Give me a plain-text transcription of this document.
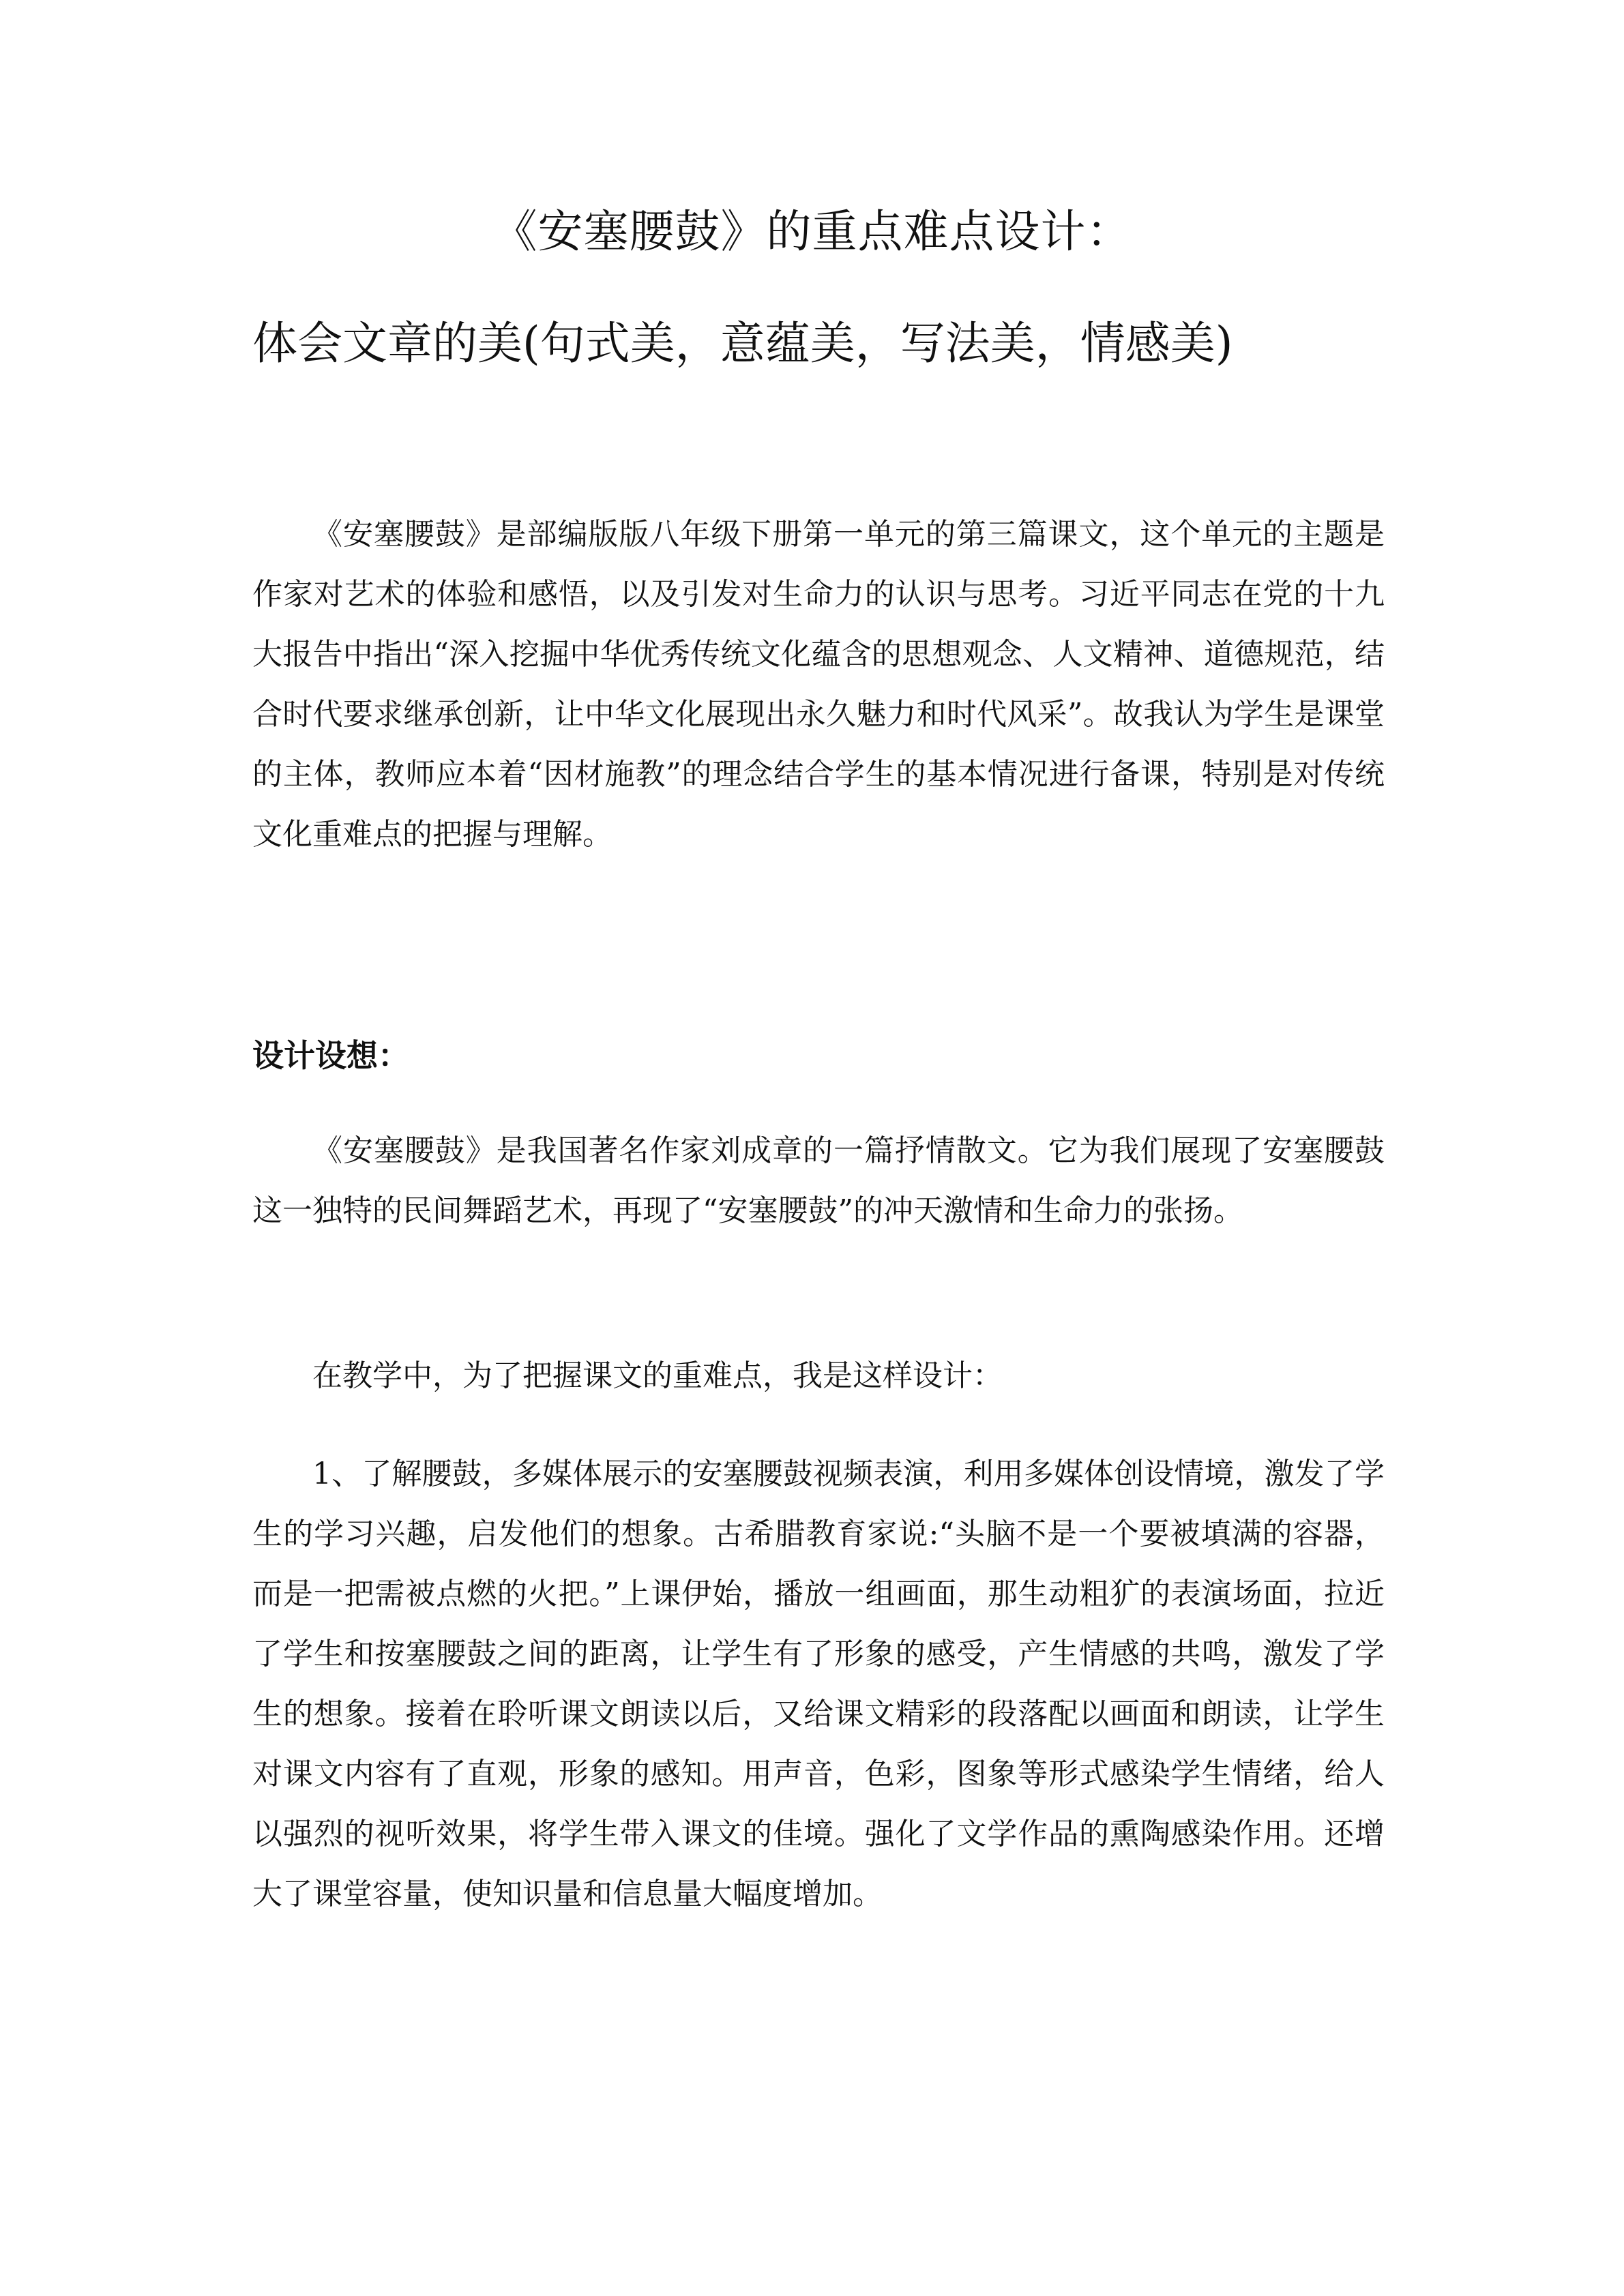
《安塞腰鼓》的重点难点设计：
体会文章的美(句式美，意蕴美，写法美，情感美)

《安塞腰鼓》是部编版版八年级下册第一单元的第三篇课文，这个单元的主题是作家对艺术的体验和感悟，以及引发对生命力的认识与思考。习近平同志在党的十九大报告中指出“深入挖掘中华优秀传统文化蕴含的思想观念、人文精神、道德规范，结合时代要求继承创新，让中华文化展现出永久魅力和时代风采”。故我认为学生是课堂的主体，教师应本着“因材施教”的理念结合学生的基本情况进行备课，特别是对传统文化重难点的把握与理解。

设计设想：

《安塞腰鼓》是我国著名作家刘成章的一篇抒情散文。它为我们展现了安塞腰鼓这一独特的民间舞蹈艺术，再现了“安塞腰鼓”的冲天激情和生命力的张扬。

在教学中，为了把握课文的重难点，我是这样设计：

1、了解腰鼓，多媒体展示的安塞腰鼓视频表演，利用多媒体创设情境，激发了学生的学习兴趣，启发他们的想象。古希腊教育家说:“头脑不是一个要被填满的容器，而是一把需被点燃的火把。”上课伊始，播放一组画面，那生动粗犷的表演场面，拉近了学生和按塞腰鼓之间的距离，让学生有了形象的感受，产生情感的共鸣，激发了学生的想象。接着在聆听课文朗读以后，又给课文精彩的段落配以画面和朗读，让学生对课文内容有了直观，形象的感知。用声音，色彩，图象等形式感染学生情绪，给人以强烈的视听效果，将学生带入课文的佳境。强化了文学作品的熏陶感染作用。还增大了课堂容量，使知识量和信息量大幅度增加。
